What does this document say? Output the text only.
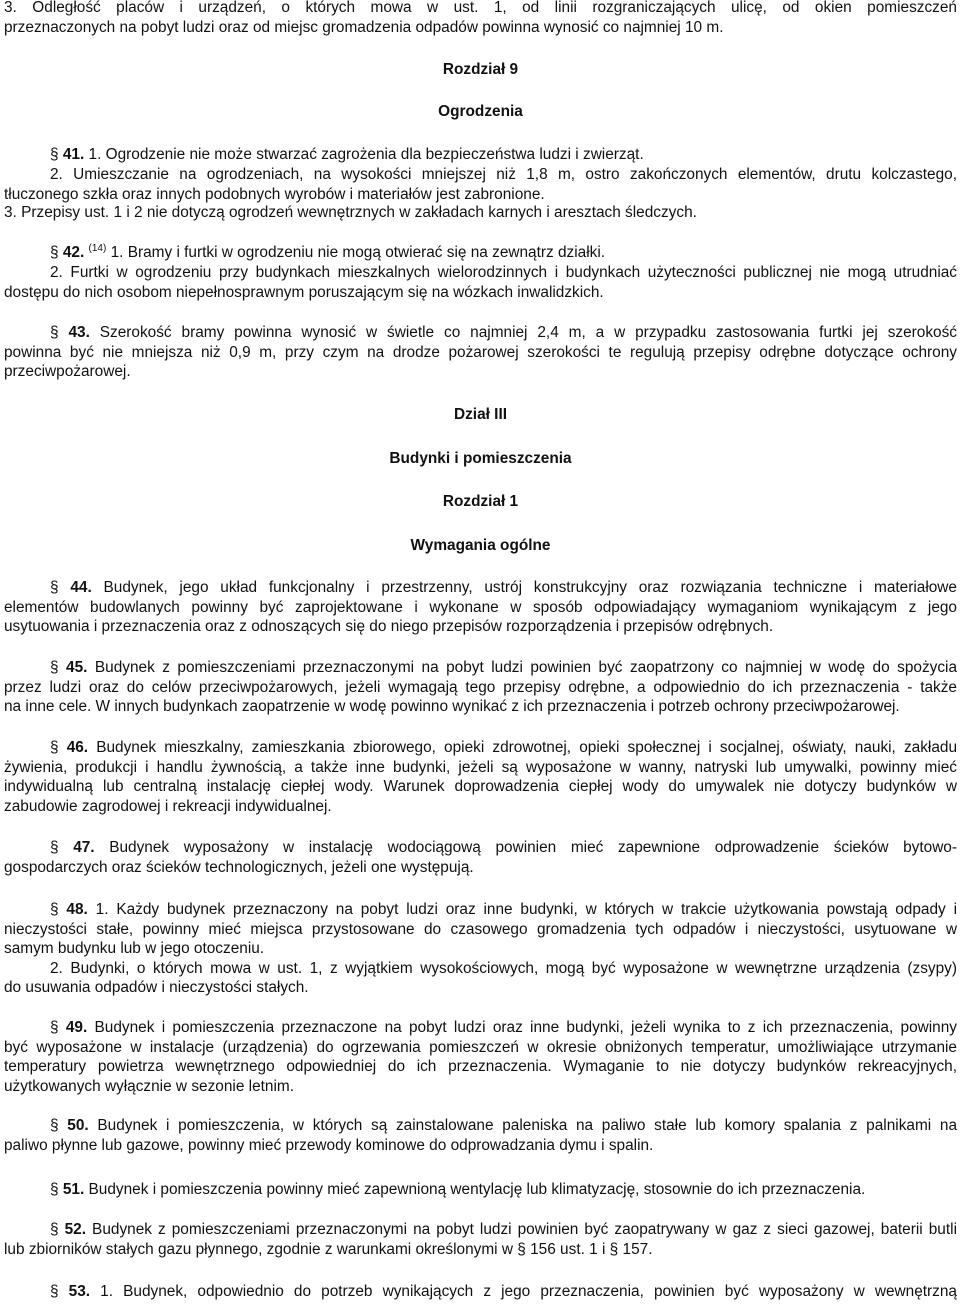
3. Odległość placów i urządzeń, o których mowa w ust. 1, od linii rozgraniczających ulicę, od okien pomieszczeń
przeznaczonych na pobyt ludzi oraz od miejsc gromadzenia odpadów powinna wynosić co najmniej 10 m.

Rozdział 9

Ogrodzenia

§ 41. 1. Ogrodzenie nie może stwarzać zagrożenia dla bezpieczeństwa ludzi i zwierząt.
2. Umieszczanie na ogrodzeniach, na wysokości mniejszej niż 1,8 m, ostro zakończonych elementów, drutu kolczastego,
tłuczonego szkła oraz innych podobnych wyrobów i materiałów jest zabronione.
3. Przepisy ust. 1 i 2 nie dotyczą ogrodzeń wewnętrznych w zakładach karnych i aresztach śledczych.
§ 42. $^{(14)}$ 1. Bramy i furtki w ogrodzeniu nie mogą otwierać się na zewnątrz działki.
2. Furtki w ogrodzeniu przy budynkach mieszkalnych wielorodzinnych i budynkach użyteczności publicznej nie mogą utrudniać
dostępu do nich osobom niepełnosprawnym poruszającym się na wózkach inwalidzkich.
§ 43. Szerokość bramy powinna wynosić w świetle co najmniej 2,4 m, a w przypadku zastosowania furtki jej szerokość
powinna być nie mniejsza niż 0,9 m, przy czym na drodze pożarowej szerokości te regulują przepisy odrębne dotyczące ochrony
przeciwpożarowej.

Dział III

Budynki i pomieszczenia

Rozdział 1

Wymagania ogólne

§ 44. Budynek, jego układ funkcjonalny i przestrzenny, ustrój konstrukcyjny oraz rozwiązania techniczne i materiałowe
elementów budowlanych powinny być zaprojektowane i wykonane w sposób odpowiadający wymaganiom wynikającym z jego
usytuowania i przeznaczenia oraz z odnoszących się do niego przepisów rozporządzenia i przepisów odrębnych.
§ 45. Budynek z pomieszczeniami przeznaczonymi na pobyt ludzi powinien być zaopatrzony co najmniej w wodę do spożycia
przez ludzi oraz do celów przeciwpożarowych, jeżeli wymagają tego przepisy odrębne, a odpowiednio do ich przeznaczenia - także
na inne cele. W innych budynkach zaopatrzenie w wodę powinno wynikać z ich przeznaczenia i potrzeb ochrony przeciwpożarowej.
§ 46. Budynek mieszkalny, zamieszkania zbiorowego, opieki zdrowotnej, opieki społecznej i socjalnej, oświaty, nauki, zakładu
żywienia, produkcji i handlu żywnością, a także inne budynki, jeżeli są wyposażone w wanny, natryski lub umywalki, powinny mieć
indywidualną lub centralną instalację ciepłej wody. Warunek doprowadzenia ciepłej wody do umywalek nie dotyczy budynków w
zabudowie zagrodowej i rekreacji indywidualnej.
§ 47. Budynek wyposażony w instalację wodociągową powinien mieć zapewnione odprowadzenie ścieków bytowo-
gospodarczych oraz ścieków technologicznych, jeżeli one występują.
§ 48. 1. Każdy budynek przeznaczony na pobyt ludzi oraz inne budynki, w których w trakcie użytkowania powstają odpady i
nieczystości stałe, powinny mieć miejsca przystosowane do czasowego gromadzenia tych odpadów i nieczystości, usytuowane w
samym budynku lub w jego otoczeniu.
2. Budynki, o których mowa w ust. 1, z wyjątkiem wysokościowych, mogą być wyposażone w wewnętrzne urządzenia (zsypy)
do usuwania odpadów i nieczystości stałych.
§ 49. Budynek i pomieszczenia przeznaczone na pobyt ludzi oraz inne budynki, jeżeli wynika to z ich przeznaczenia, powinny
być wyposażone w instalacje (urządzenia) do ogrzewania pomieszczeń w okresie obniżonych temperatur, umożliwiające utrzymanie
temperatury powietrza wewnętrznego odpowiedniej do ich przeznaczenia. Wymaganie to nie dotyczy budynków rekreacyjnych,
użytkowanych wyłącznie w sezonie letnim.
§ 50. Budynek i pomieszczenia, w których są zainstalowane paleniska na paliwo stałe lub komory spalania z palnikami na
paliwo płynne lub gazowe, powinny mieć przewody kominowe do odprowadzania dymu i spalin.
§ 51. Budynek i pomieszczenia powinny mieć zapewnioną wentylację lub klimatyzację, stosownie do ich przeznaczenia.
§ 52. Budynek z pomieszczeniami przeznaczonymi na pobyt ludzi powinien być zaopatrywany w gaz z sieci gazowej, baterii butli
lub zbiorników stałych gazu płynnego, zgodnie z warunkami określonymi w § 156 ust. 1 i § 157.
§ 53. 1. Budynek, odpowiednio do potrzeb wynikających z jego przeznaczenia, powinien być wyposażony w wewnętrzną
